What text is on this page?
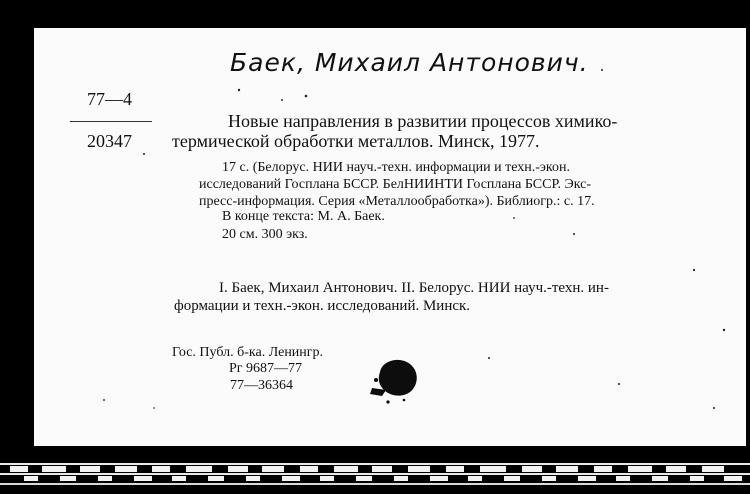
Баек, Михаил Антонович.
77—4
20347
Новые направления в развитии процессов химико-
термической обработки металлов. Минск, 1977.
17 с. (Белорус. НИИ науч.-техн. информации и техн.-экон.
исследований Госплана БССР. БелНИИНТИ Госплана БССР. Экс-
пресс-информация. Серия «Металлообработка»). Библиогр.: с. 17.
В конце текста: М. А. Баек.
20 см. 300 экз.
I. Баек, Михаил Антонович. II. Белорус. НИИ науч.-техн. ин-
формации и техн.-экон. исследований. Минск.
Гос. Публ. б-ка. Ленингр.
Рг 9687—77
77—36364
